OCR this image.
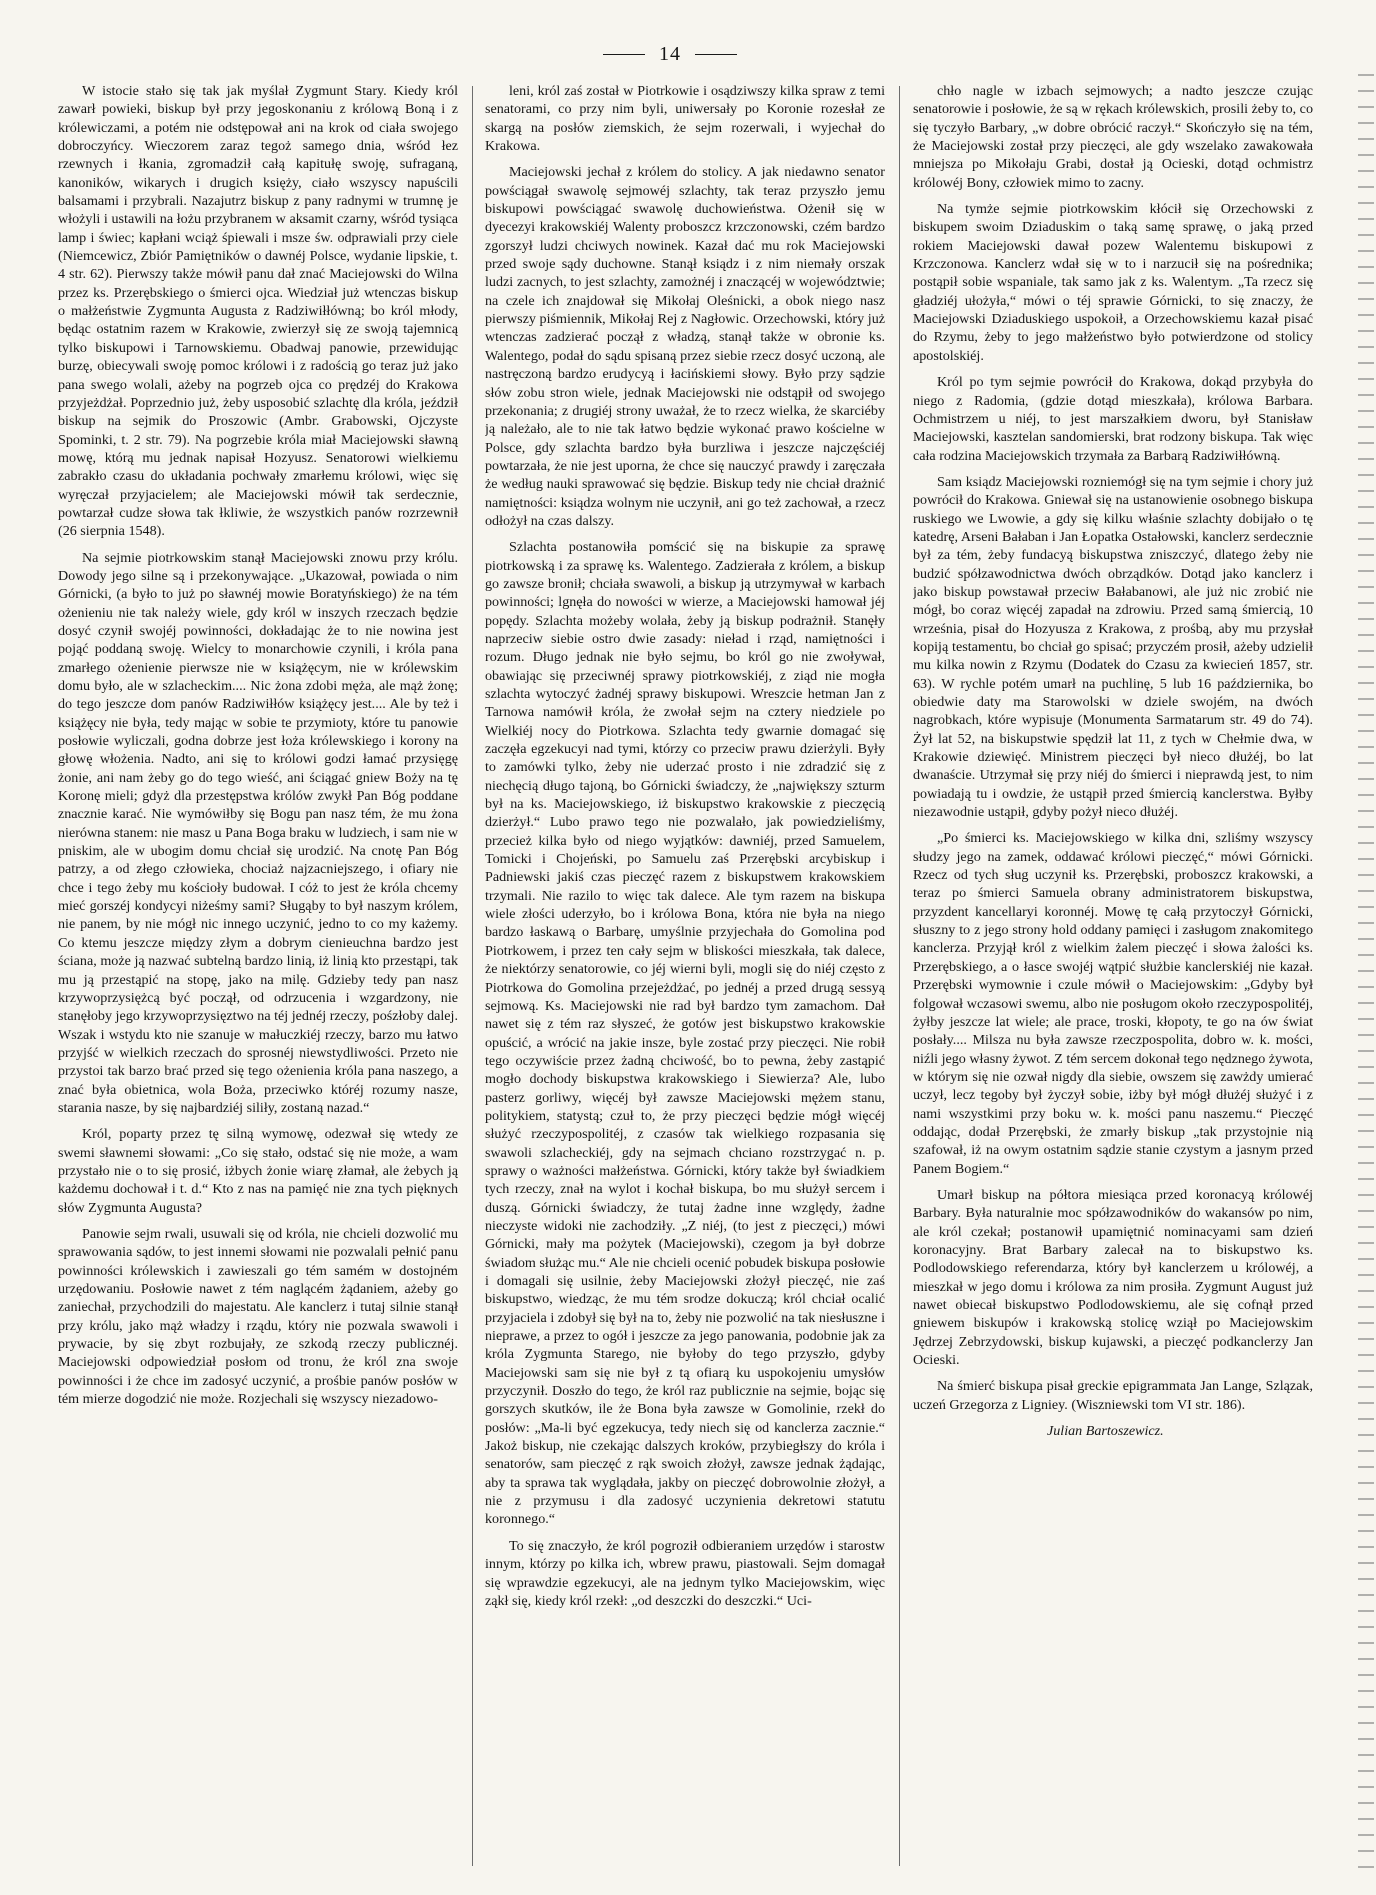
14

W istocie stało się tak jak myślał Zygmunt Stary. Kiedy król zawarł powieki, biskup był przy jegoskonaniu z królową Boną i z królewiczami, a potém nie odstępował ani na krok od ciała swojego dobroczyńcy. Wieczorem zaraz tegoż samego dnia, wśród łez rzewnych i łkania, zgromadził całą kapitułę swoję, sufraganą, kanoników, wikarych i drugich księży, ciało wszyscy napuścili balsamami i przybrali. Nazajutrz biskup z pany radnymi w trumnę je włożyli i ustawili na łożu przybranem w aksamit czarny, wśród tysiąca lamp i świec; kapłani wciąż śpiewali i msze św. odprawiali przy ciele (Niemcewicz, Zbiór Pamiętników o dawnéj Polsce, wydanie lipskie, t. 4 str. 62). Pierwszy także mówił panu dał znać Maciejowski do Wilna przez ks. Przerębskiego o śmierci ojca. Wiedział już wtenczas biskup o małżeństwie Zygmunta Augusta z Radziwiłłówną; bo król młody, będąc ostatnim razem w Krakowie, zwierzył się ze swoją tajemnicą tylko biskupowi i Tarnowskiemu. Obadwaj panowie, przewidując burzę, obiecywali swoję pomoc królowi i z radością go teraz już jako pana swego wolali, ażeby na pogrzeb ojca co prędzéj do Krakowa przyjeżdżał. Poprzednio już, żeby usposobić szlachtę dla króla, jeździł biskup na sejmik do Proszowic (Ambr. Grabowski, Ojczyste Spominki, t. 2 str. 79). Na pogrzebie króla miał Maciejowski sławną mowę, którą mu jednak napisał Hozyusz. Senatorowi wielkiemu zabrakło czasu do układania pochwały zmarłemu królowi, więc się wyręczał przyjacielem; ale Maciejowski mówił tak serdecznie, powtarzał cudze słowa tak łkliwie, że wszystkich panów rozrzewnił (26 sierpnia 1548).

Na sejmie piotrkowskim stanął Maciejowski znowu przy królu. Dowody jego silne są i przekonywające. „Ukazował, powiada o nim Górnicki, (a było to już po sławnéj mowie Boratyńskiego) że na tém ożenieniu nie tak należy wiele, gdy król w inszych rzeczach będzie dosyć czynił swojéj powinności, dokładając że to nie nowina jest pojąć poddaną swoję. Wielcy to monarchowie czynili, i króla pana zmarłego ożenienie pierwsze nie w książęcym, nie w królewskim domu było, ale w szlacheckim.... Nic żona zdobi męża, ale mąż żonę; do tego jeszcze dom panów Radziwiłłów książęcy jest.... Ale by też i książęcy nie była, tedy mając w sobie te przymioty, które tu panowie posłowie wyliczali, godna dobrze jest łoża królewskiego i korony na głowę włożenia. Nadto, ani się to królowi godzi łamać przysięgę żonie, ani nam żeby go do tego wieść, ani ściągać gniew Boży na tę Koronę mieli; gdyż dla przestępstwa królów zwykł Pan Bóg poddane znacznie karać. Nie wymówiłby się Bogu pan nasz tém, że mu żona nierówna stanem: nie masz u Pana Boga braku w ludziech, i sam nie w pniskim, ale w ubogim domu chciał się urodzić. Na cnotę Pan Bóg patrzy, a od złego człowieka, chociaż najzacniejszego, i ofiary nie chce i tego żeby mu kościoły budował. I cóż to jest że króla chcemy mieć gorszéj kondycyi niżeśmy sami? Sługąby to był naszym królem, nie panem, by nie mógł nic innego uczynić, jedno to co my każemy. Co ktemu jeszcze między złym a dobrym cienieuchna bardzo jest ściana, może ją nazwać subtelną bardzo linią, iż linią kto przestąpi, tak mu ją przestąpić na stopę, jako na milę. Gdzieby tedy pan nasz krzywoprzysiężcą być począł, od odrzucenia i wzgardzony, nie stanęłoby jego krzywoprzysięztwo na téj jednéj rzeczy, pośzłoby dalej. Wszak i wstydu kto nie szanuje w małuczkiéj rzeczy, barzo mu łatwo przyjść w wielkich rzeczach do sprosnéj niewstydliwości. Przeto nie przystoi tak barzo brać przed się tego ożenienia króla pana naszego, a znać była obietnica, wola Boża, przeciwko któréj rozumy nasze, starania nasze, by się najbardziéj siliły, zostaną nazad.“

Król, poparty przez tę silną wymowę, odezwał się wtedy ze swemi sławnemi słowami: „Co się stało, odstać się nie może, a wam przystało nie o to się prosić, iżbych żonie wiarę złamał, ale żebych ją każdemu dochował i t. d.“ Kto z nas na pamięć nie zna tych pięknych słów Zygmunta Augusta?

Panowie sejm rwali, usuwali się od króla, nie chcieli dozwolić mu sprawowania sądów, to jest innemi słowami nie pozwalali pełnić panu powinności królewskich i zawieszali go tém samém w dostojném urzędowaniu. Posłowie nawet z tém naglącém żądaniem, ażeby go zaniechał, przychodzili do majestatu. Ale kanclerz i tutaj silnie stanął przy królu, jako mąż władzy i rządu, który nie pozwala swawoli i prywacie, by się zbyt rozbujały, ze szkodą rzeczy publicznéj. Maciejowski odpowiedział posłom od tronu, że król zna swoje powinności i że chce im zadosyć uczynić, a prośbie panów posłów w tém mierze dogodzić nie może. Rozjechali się wszyscy niezadowo-

leni, król zaś został w Piotrkowie i osądziwszy kilka spraw z temi senatorami, co przy nim byli, uniwersały po Koronie rozesłał ze skargą na posłów ziemskich, że sejm rozerwali, i wyjechał do Krakowa.

Maciejowski jechał z królem do stolicy. A jak niedawno senator powściągał swawolę sejmowéj szlachty, tak teraz przyszło jemu biskupowi powściągać swawolę duchowieństwa. Ożenił się w dyecezyi krakowskiéj Walenty proboszcz krzczonowski, czém bardzo zgorszył ludzi chciwych nowinek. Kazał dać mu rok Maciejowski przed swoje sądy duchowne. Stanął ksiądz i z nim niemały orszak ludzi zacnych, to jest szlachty, zamożnéj i znaczącéj w województwie; na czele ich znajdował się Mikołaj Oleśnicki, a obok niego nasz pierwszy piśmiennik, Mikołaj Rej z Nagłowic. Orzechowski, który już wtenczas zadzierać począł z władzą, stanął także w obronie ks. Walentego, podał do sądu spisaną przez siebie rzecz dosyć uczoną, ale nastręczoną bardzo erudycyą i łacińskiemi słowy. Było przy sądzie słów zobu stron wiele, jednak Maciejowski nie odstąpił od swojego przekonania; z drugiéj strony uważał, że to rzecz wielka, że skarciéby ją należało, ale to nie tak łatwo będzie wykonać prawo kościelne w Polsce, gdy szlachta bardzo była burzliwa i jeszcze najczęściéj powtarzała, że nie jest uporna, że chce się nauczyć prawdy i zaręczała że według nauki sprawować się będzie. Biskup tedy nie chciał drażnić namiętności: ksiądza wolnym nie uczynił, ani go też zachował, a rzecz odłożył na czas dalszy.

Szlachta postanowiła pomścić się na biskupie za sprawę piotrkowską i za sprawę ks. Walentego. Zadzierała z królem, a biskup go zawsze bronił; chciała swawoli, a biskup ją utrzymywał w karbach powinności; lgnęła do nowości w wierze, a Maciejowski hamował jéj popędy. Szlachta możeby wolała, żeby ją biskup podrażnił. Stanęły naprzeciw siebie ostro dwie zasady: nieład i rząd, namiętności i rozum. Długo jednak nie było sejmu, bo król go nie zwoływał, obawiając się przeciwnéj sprawy piotrkowskiéj, z ziąd nie mogła szlachta wytoczyć żadnéj sprawy biskupowi. Wreszcie hetman Jan z Tarnowa namówił króla, że zwołał sejm na cztery niedziele po Wielkiéj nocy do Piotrkowa. Szlachta tedy gwarnie domagać się zaczęła egzekucyi nad tymi, którzy co przeciw prawu dzierżyli. Były to zamówki tylko, żeby nie uderzać prosto i nie zdradzić się z niechęcią długo tajoną, bo Górnicki świadczy, że „największy szturm był na ks. Maciejowskiego, iż biskupstwo krakowskie z pieczęcią dzierżył.“ Lubo prawo tego nie pozwalało, jak powiedzieliśmy, przecież kilka było od niego wyjątków: dawniéj, przed Samuelem, Tomicki i Chojeński, po Samuelu zaś Przerębski arcybiskup i Padniewski jakiś czas pieczęć razem z biskupstwem krakowskiem trzymali. Nie razilo to więc tak dalece. Ale tym razem na biskupa wiele złości uderzyło, bo i królowa Bona, która nie była na niego bardzo łaskawą o Barbarę, umyślnie przyjechała do Gomolina pod Piotrkowem, i przez ten cały sejm w bliskości mieszkała, tak dalece, że niektórzy senatorowie, co jéj wierni byli, mogli się do niéj często z Piotrkowa do Gomolina przejeżdżać, po jednéj a przed drugą sessyą sejmową. Ks. Maciejowski nie rad był bardzo tym zamachom. Dał nawet się z tém raz słyszeć, że gotów jest biskupstwo krakowskie opuścić, a wrócić na jakie insze, byle zostać przy pieczęci. Nie robił tego oczywiście przez żadną chciwość, bo to pewna, żeby zastąpić mogło dochody biskupstwa krakowskiego i Siewierza? Ale, lubo pasterz gorliwy, więcéj był zawsze Maciejowski mężem stanu, politykiem, statystą; czuł to, że przy pieczęci będzie mógł więcéj służyć rzeczypospolitéj, z czasów tak wielkiego rozpasania się swawoli szlacheckiéj, gdy na sejmach chciano rozstrzygać n. p. sprawy o ważności małżeństwa. Górnicki, który także był świadkiem tych rzeczy, znał na wylot i kochał biskupa, bo mu służył sercem i duszą. Górnicki świadczy, że tutaj żadne inne względy, żadne nieczyste widoki nie zachodziły. „Z niéj, (to jest z pieczęci,) mówi Górnicki, mały ma pożytek (Maciejowski), czegom ja był dobrze świadom służąc mu.“ Ale nie chcieli ocenić pobudek biskupa posłowie i domagali się usilnie, żeby Maciejowski złożył pieczęć, nie zaś biskupstwo, wiedząc, że mu tém srodze dokuczą; król chciał ocalić przyjaciela i zdobył się był na to, żeby nie pozwolić na tak niesłuszne i nieprawe, a przez to ogół i jeszcze za jego panowania, podobnie jak za króla Zygmunta Starego, nie byłoby do tego przyszło, gdyby Maciejowski sam się nie był z tą ofiarą ku uspokojeniu umysłów przyczynił. Doszło do tego, że król raz publicznie na sejmie, bojąc się gorszych skutków, ile że Bona była zawsze w Gomolinie, rzekł do posłów: „Ma-li być egzekucya, tedy niech się od kanclerza zacznie.“ Jakoż biskup, nie czekając dalszych kroków, przybiegłszy do króla i senatorów, sam pieczęć z rąk swoich złożył, zawsze jednak żądając, aby ta sprawa tak wyglądała, jakby on pieczęć dobrowolnie złożył, a nie z przymusu i dla zadosyć uczynienia dekretowi statutu koronnego.“

To się znaczyło, że król pogroził odbieraniem urzędów i starostw innym, którzy po kilka ich, wbrew prawu, piastowali. Sejm domagał się wprawdzie egzekucyi, ale na jednym tylko Maciejowskim, więc ząkł się, kiedy król rzekł: „od deszczki do deszczki.“ Uci-

chło nagle w izbach sejmowych; a nadto jeszcze czując senatorowie i posłowie, że są w rękach królewskich, prosili żeby to, co się tyczyło Barbary, „w dobre obrócić raczył.“ Skończyło się na tém, że Maciejowski został przy pieczęci, ale gdy wszelako zawakowała mniejsza po Mikołaju Grabi, dostał ją Ocieski, dotąd ochmistrz królowéj Bony, człowiek mimo to zacny.

Na tymże sejmie piotrkowskim kłócił się Orzechowski z biskupem swoim Dziaduskim o taką samę sprawę, o jaką przed rokiem Maciejowski dawał pozew Walentemu biskupowi z Krzczonowa. Kanclerz wdał się w to i narzucił się na pośrednika; postąpił sobie wspaniale, tak samo jak z ks. Walentym. „Ta rzecz się gładziéj ułożyła,“ mówi o téj sprawie Górnicki, to się znaczy, że Maciejowski Dziaduskiego uspokoił, a Orzechowskiemu kazał pisać do Rzymu, żeby to jego małżeństwo było potwierdzone od stolicy apostolskiéj.

Król po tym sejmie powrócił do Krakowa, dokąd przybyła do niego z Radomia, (gdzie dotąd mieszkała), królowa Barbara. Ochmistrzem u niéj, to jest marszałkiem dworu, był Stanisław Maciejowski, kasztelan sandomierski, brat rodzony biskupa. Tak więc cała rodzina Maciejowskich trzymała za Barbarą Radziwiłłówną.

Sam ksiądz Maciejowski rozniemógł się na tym sejmie i chory już powrócił do Krakowa. Gniewał się na ustanowienie osobnego biskupa ruskiego we Lwowie, a gdy się kilku właśnie szlachty dobijało o tę katedrę, Arseni Bałaban i Jan Łopatka Ostałowski, kanclerz serdecznie był za tém, żeby fundacyą biskupstwa zniszczyć, dlatego żeby nie budzić spółzawodnictwa dwóch obrządków. Dotąd jako kanclerz i jako biskup powstawał przeciw Bałabanowi, ale już nic zrobić nie mógł, bo coraz więcéj zapadał na zdrowiu. Przed samą śmiercią, 10 września, pisał do Hozyusza z Krakowa, z prośbą, aby mu przysłał kopiją testamentu, bo chciał go spisać; przyczém prosił, ażeby udzielił mu kilka nowin z Rzymu (Dodatek do Czasu za kwiecień 1857, str. 63). W rychle potém umarł na puchlinę, 5 lub 16 października, bo obiedwie daty ma Starowolski w dziele swojém, na dwóch nagrobkach, które wypisuje (Monumenta Sarmatarum str. 49 do 74). Żył lat 52, na biskupstwie spędził lat 11, z tych w Chełmie dwa, w Krakowie dziewięć. Ministrem pieczęci był nieco dłużéj, bo lat dwanaście. Utrzymał się przy niéj do śmierci i nieprawdą jest, to nim powiadają tu i owdzie, że ustąpił przed śmiercią kanclerstwa. Byłby niezawodnie ustąpił, gdyby pożył nieco dłużéj.

„Po śmierci ks. Maciejowskiego w kilka dni, szliśmy wszyscy słudzy jego na zamek, oddawać królowi pieczęć,“ mówi Górnicki. Rzecz od tych sług uczynił ks. Przerębski, proboszcz krakowski, a teraz po śmierci Samuela obrany administratorem biskupstwa, przyzdent kancellaryi koronnéj. Mowę tę całą przytoczył Górnicki, słuszny to z jego strony hold oddany pamięci i zasługom znakomitego kanclerza. Przyjął król z wielkim żalem pieczęć i słowa żalości ks. Przerębskiego, a o łasce swojéj wątpić służbie kanclerskiéj nie kazał. Przerębski wymownie i czule mówił o Maciejowskim: „Gdyby był folgował wczasowi swemu, albo nie posługom około rzeczypospolitéj, żyłby jeszcze lat wiele; ale prace, troski, kłopoty, te go na ów świat posłały.... Milsza nu była zawsze rzeczpospolita, dobro w. k. mości, niźli jego własny żywot. Z tém sercem dokonał tego nędznego żywota, w którym się nie ozwał nigdy dla siebie, owszem się zawżdy umierać uczył, lecz tegoby był życzył sobie, iżby był mógł dłużéj służyć i z nami wszystkimi przy boku w. k. mości panu naszemu.“ Pieczęć oddając, dodał Przerębski, że zmarły biskup „tak przystojnie nią szafował, iż na owym ostatnim sądzie stanie czystym a jasnym przed Panem Bogiem.“

Umarł biskup na półtora miesiąca przed koronacyą królowéj Barbary. Była naturalnie moc spółzawodników do wakansów po nim, ale król czekał; postanowił upamiętnić nominacyami sam dzień koronacyjny. Brat Barbary zalecał na to biskupstwo ks. Podlodowskiego referendarza, który był kanclerzem u królowéj, a mieszkał w jego domu i królowa za nim prosiła. Zygmunt August już nawet obiecał biskupstwo Podlodowskiemu, ale się cofnął przed gniewem biskupów i krakowską stolicę wziął po Maciejowskim Jędrzej Zebrzydowski, biskup kujawski, a pieczęć podkanclerzy Jan Ocieski.

Na śmierć biskupa pisał greckie epigrammata Jan Lange, Szlązak, uczeń Grzegorza z Ligniey. (Wiszniewski tom VI str. 186).

Julian Bartoszewicz.
